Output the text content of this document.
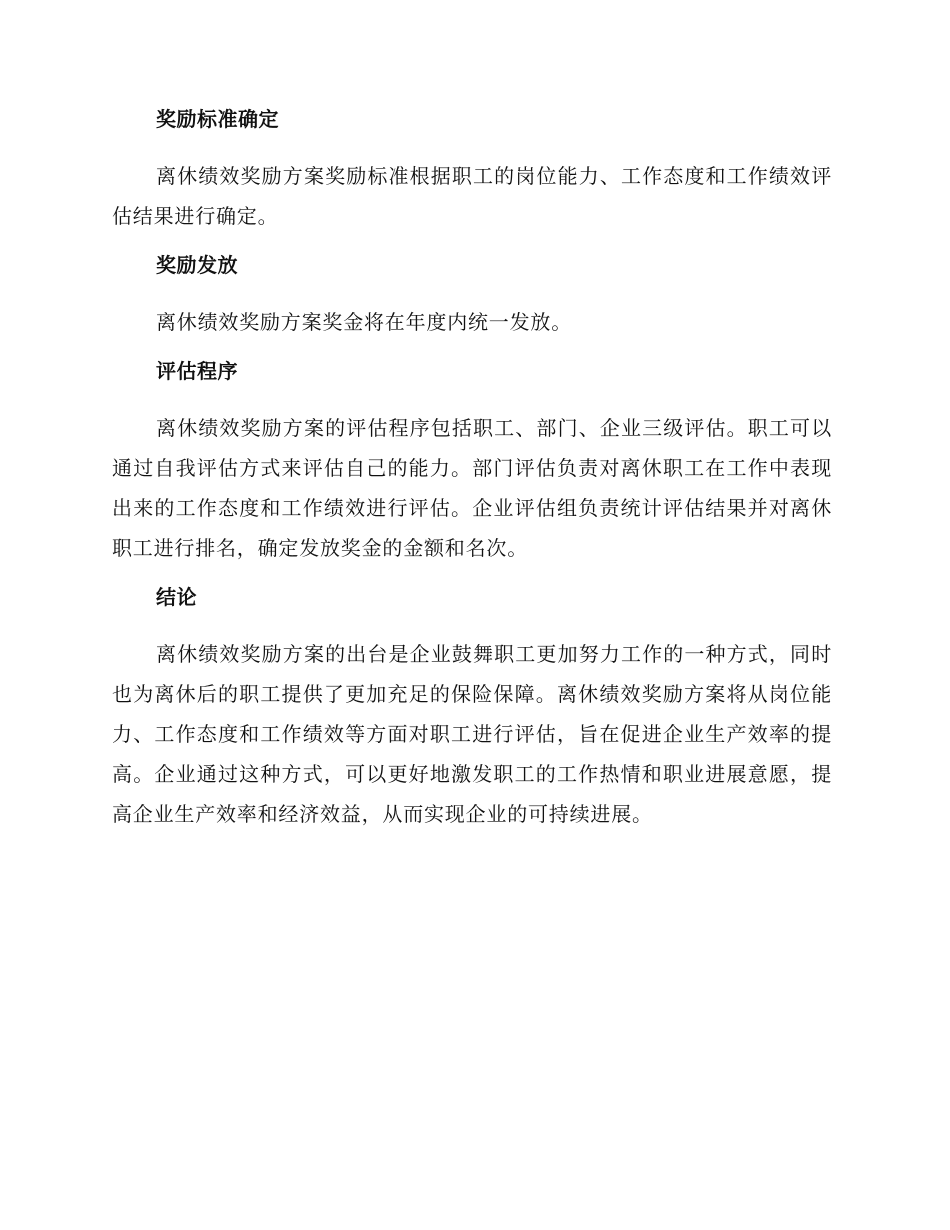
奖励标准确定

离休绩效奖励方案奖励标准根据职工的岗位能力、工作态度和工作绩效评估结果进行确定。

奖励发放

离休绩效奖励方案奖金将在年度内统一发放。

评估程序

离休绩效奖励方案的评估程序包括职工、部门、企业三级评估。职工可以通过自我评估方式来评估自己的能力。部门评估负责对离休职工在工作中表现出来的工作态度和工作绩效进行评估。企业评估组负责统计评估结果并对离休职工进行排名，确定发放奖金的金额和名次。

结论

离休绩效奖励方案的出台是企业鼓舞职工更加努力工作的一种方式，同时也为离休后的职工提供了更加充足的保险保障。离休绩效奖励方案将从岗位能力、工作态度和工作绩效等方面对职工进行评估，旨在促进企业生产效率的提高。企业通过这种方式，可以更好地激发职工的工作热情和职业进展意愿，提高企业生产效率和经济效益，从而实现企业的可持续进展。
